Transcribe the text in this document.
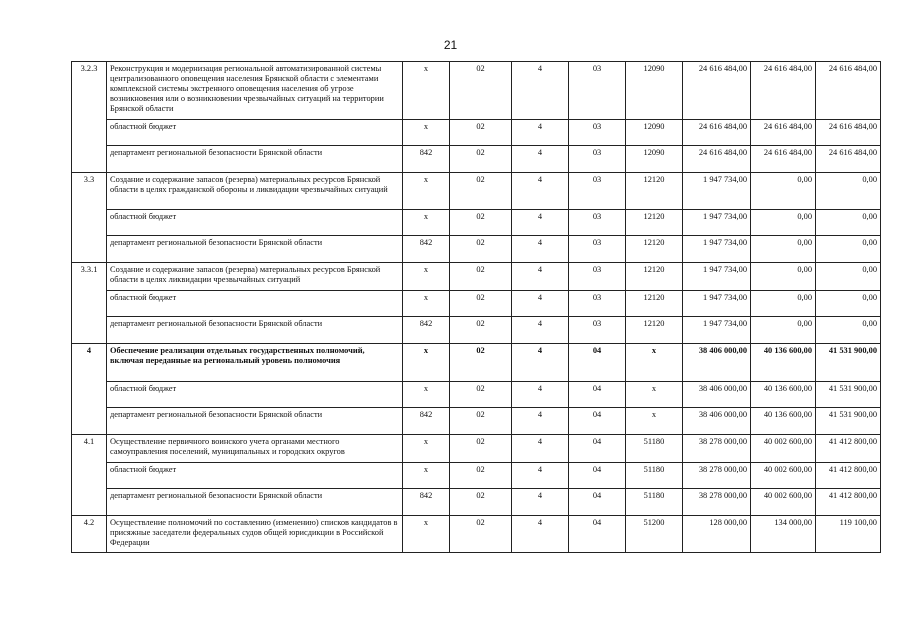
21
3.2.3	Реконструкция и модернизация региональной автоматизированной системы централизованного оповещения населения Брянской области с элементами комплексной системы экстренного оповещения населения об угрозе возникновения или о возникновении чрезвычайных ситуаций на территории Брянской области	х	02	4	03	12090	24 616 484,00	24 616 484,00	24 616 484,00
	областной бюджет	х	02	4	03	12090	24 616 484,00	24 616 484,00	24 616 484,00
	департамент региональной безопасности Брянской области	842	02	4	03	12090	24 616 484,00	24 616 484,00	24 616 484,00
3.3	Создание и содержание запасов (резерва) материальных ресурсов Брянской области в целях гражданской обороны и ликвидации чрезвычайных ситуаций	х	02	4	03	12120	1 947 734,00	0,00	0,00
	областной бюджет	х	02	4	03	12120	1 947 734,00	0,00	0,00
	департамент региональной безопасности Брянской области	842	02	4	03	12120	1 947 734,00	0,00	0,00
3.3.1	Создание и содержание запасов (резерва) материальных ресурсов Брянской области в целях ликвидации чрезвычайных ситуаций	х	02	4	03	12120	1 947 734,00	0,00	0,00
	областной бюджет	х	02	4	03	12120	1 947 734,00	0,00	0,00
	департамент региональной безопасности Брянской области	842	02	4	03	12120	1 947 734,00	0,00	0,00
4	Обеспечение реализации отдельных государственных полномочий, включая переданные на региональный уровень полномочия	х	02	4	04	х	38 406 000,00	40 136 600,00	41 531 900,00
	областной бюджет	х	02	4	04	х	38 406 000,00	40 136 600,00	41 531 900,00
	департамент региональной безопасности Брянской области	842	02	4	04	х	38 406 000,00	40 136 600,00	41 531 900,00
4.1	Осуществление первичного воинского учета органами местного самоуправления поселений, муниципальных и городских округов	х	02	4	04	51180	38 278 000,00	40 002 600,00	41 412 800,00
	областной бюджет	х	02	4	04	51180	38 278 000,00	40 002 600,00	41 412 800,00
	департамент региональной безопасности Брянской области	842	02	4	04	51180	38 278 000,00	40 002 600,00	41 412 800,00
4.2	Осуществление полномочий по составлению (изменению) списков кандидатов в присяжные заседатели федеральных судов общей юрисдикции в Российской Федерации	х	02	4	04	51200	128 000,00	134 000,00	119 100,00
